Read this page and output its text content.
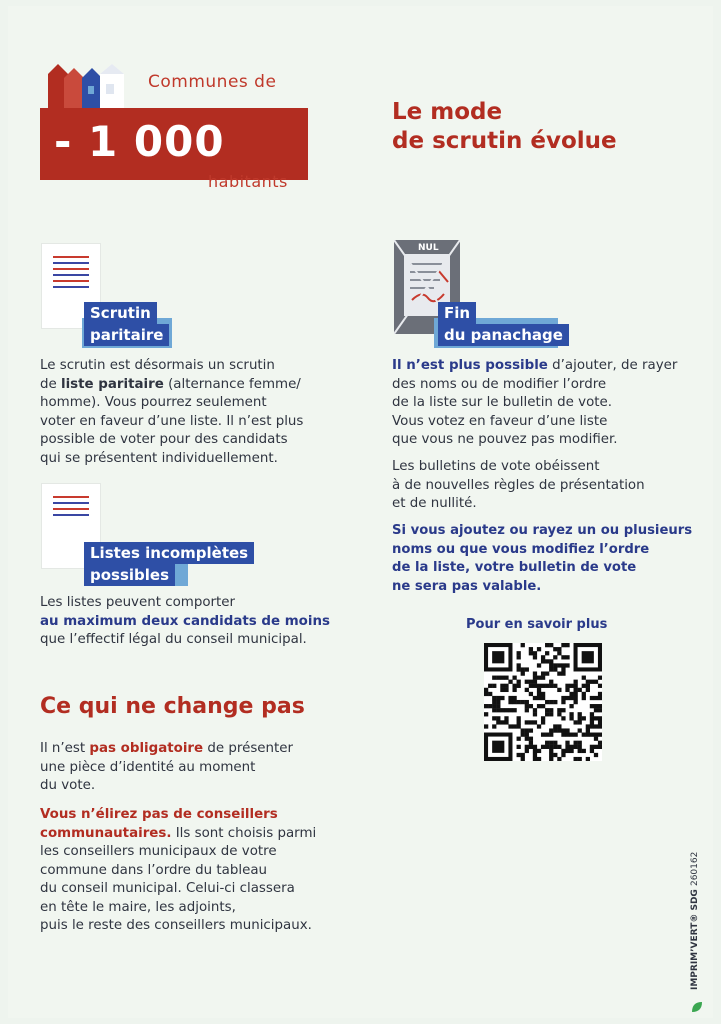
Communes de
- 1 000
habitants
Le mode
de scrutin évolue
Scrutin
paritaire
Le scrutin est désormais un scrutin
de liste paritaire (alternance femme/
homme). Vous pourrez seulement
voter en faveur d’une liste. Il n’est plus
possible de voter pour des candidats
qui se présentent individuellement.
Listes incomplètes
possibles
Les listes peuvent comporter
au maximum deux candidats de moins
que l’effectif légal du conseil municipal.
NUL
Fin
du panachage
Il n’est plus possible d’ajouter, de rayer
des noms ou de modifier l’ordre
de la liste sur le bulletin de vote.
Vous votez en faveur d’une liste
que vous ne pouvez pas modifier.
Les bulletins de vote obéissent
à de nouvelles règles de présentation
et de nullité.
Si vous ajoutez ou rayez un ou plusieurs
noms ou que vous modifiez l’ordre
de la liste, votre bulletin de vote
ne sera pas valable.
Pour en savoir plus
Ce qui ne change pas
Il n’est pas obligatoire de présenter
une pièce d’identité au moment
du vote.
Vous n’élirez pas de conseillers
communautaires. Ils sont choisis parmi
les conseillers municipaux de votre
commune dans l’ordre du tableau
du conseil municipal. Celui-ci classera
en tête le maire, les adjoints,
puis le reste des conseillers municipaux.	IMPRIM’VERT® SDG 260162
